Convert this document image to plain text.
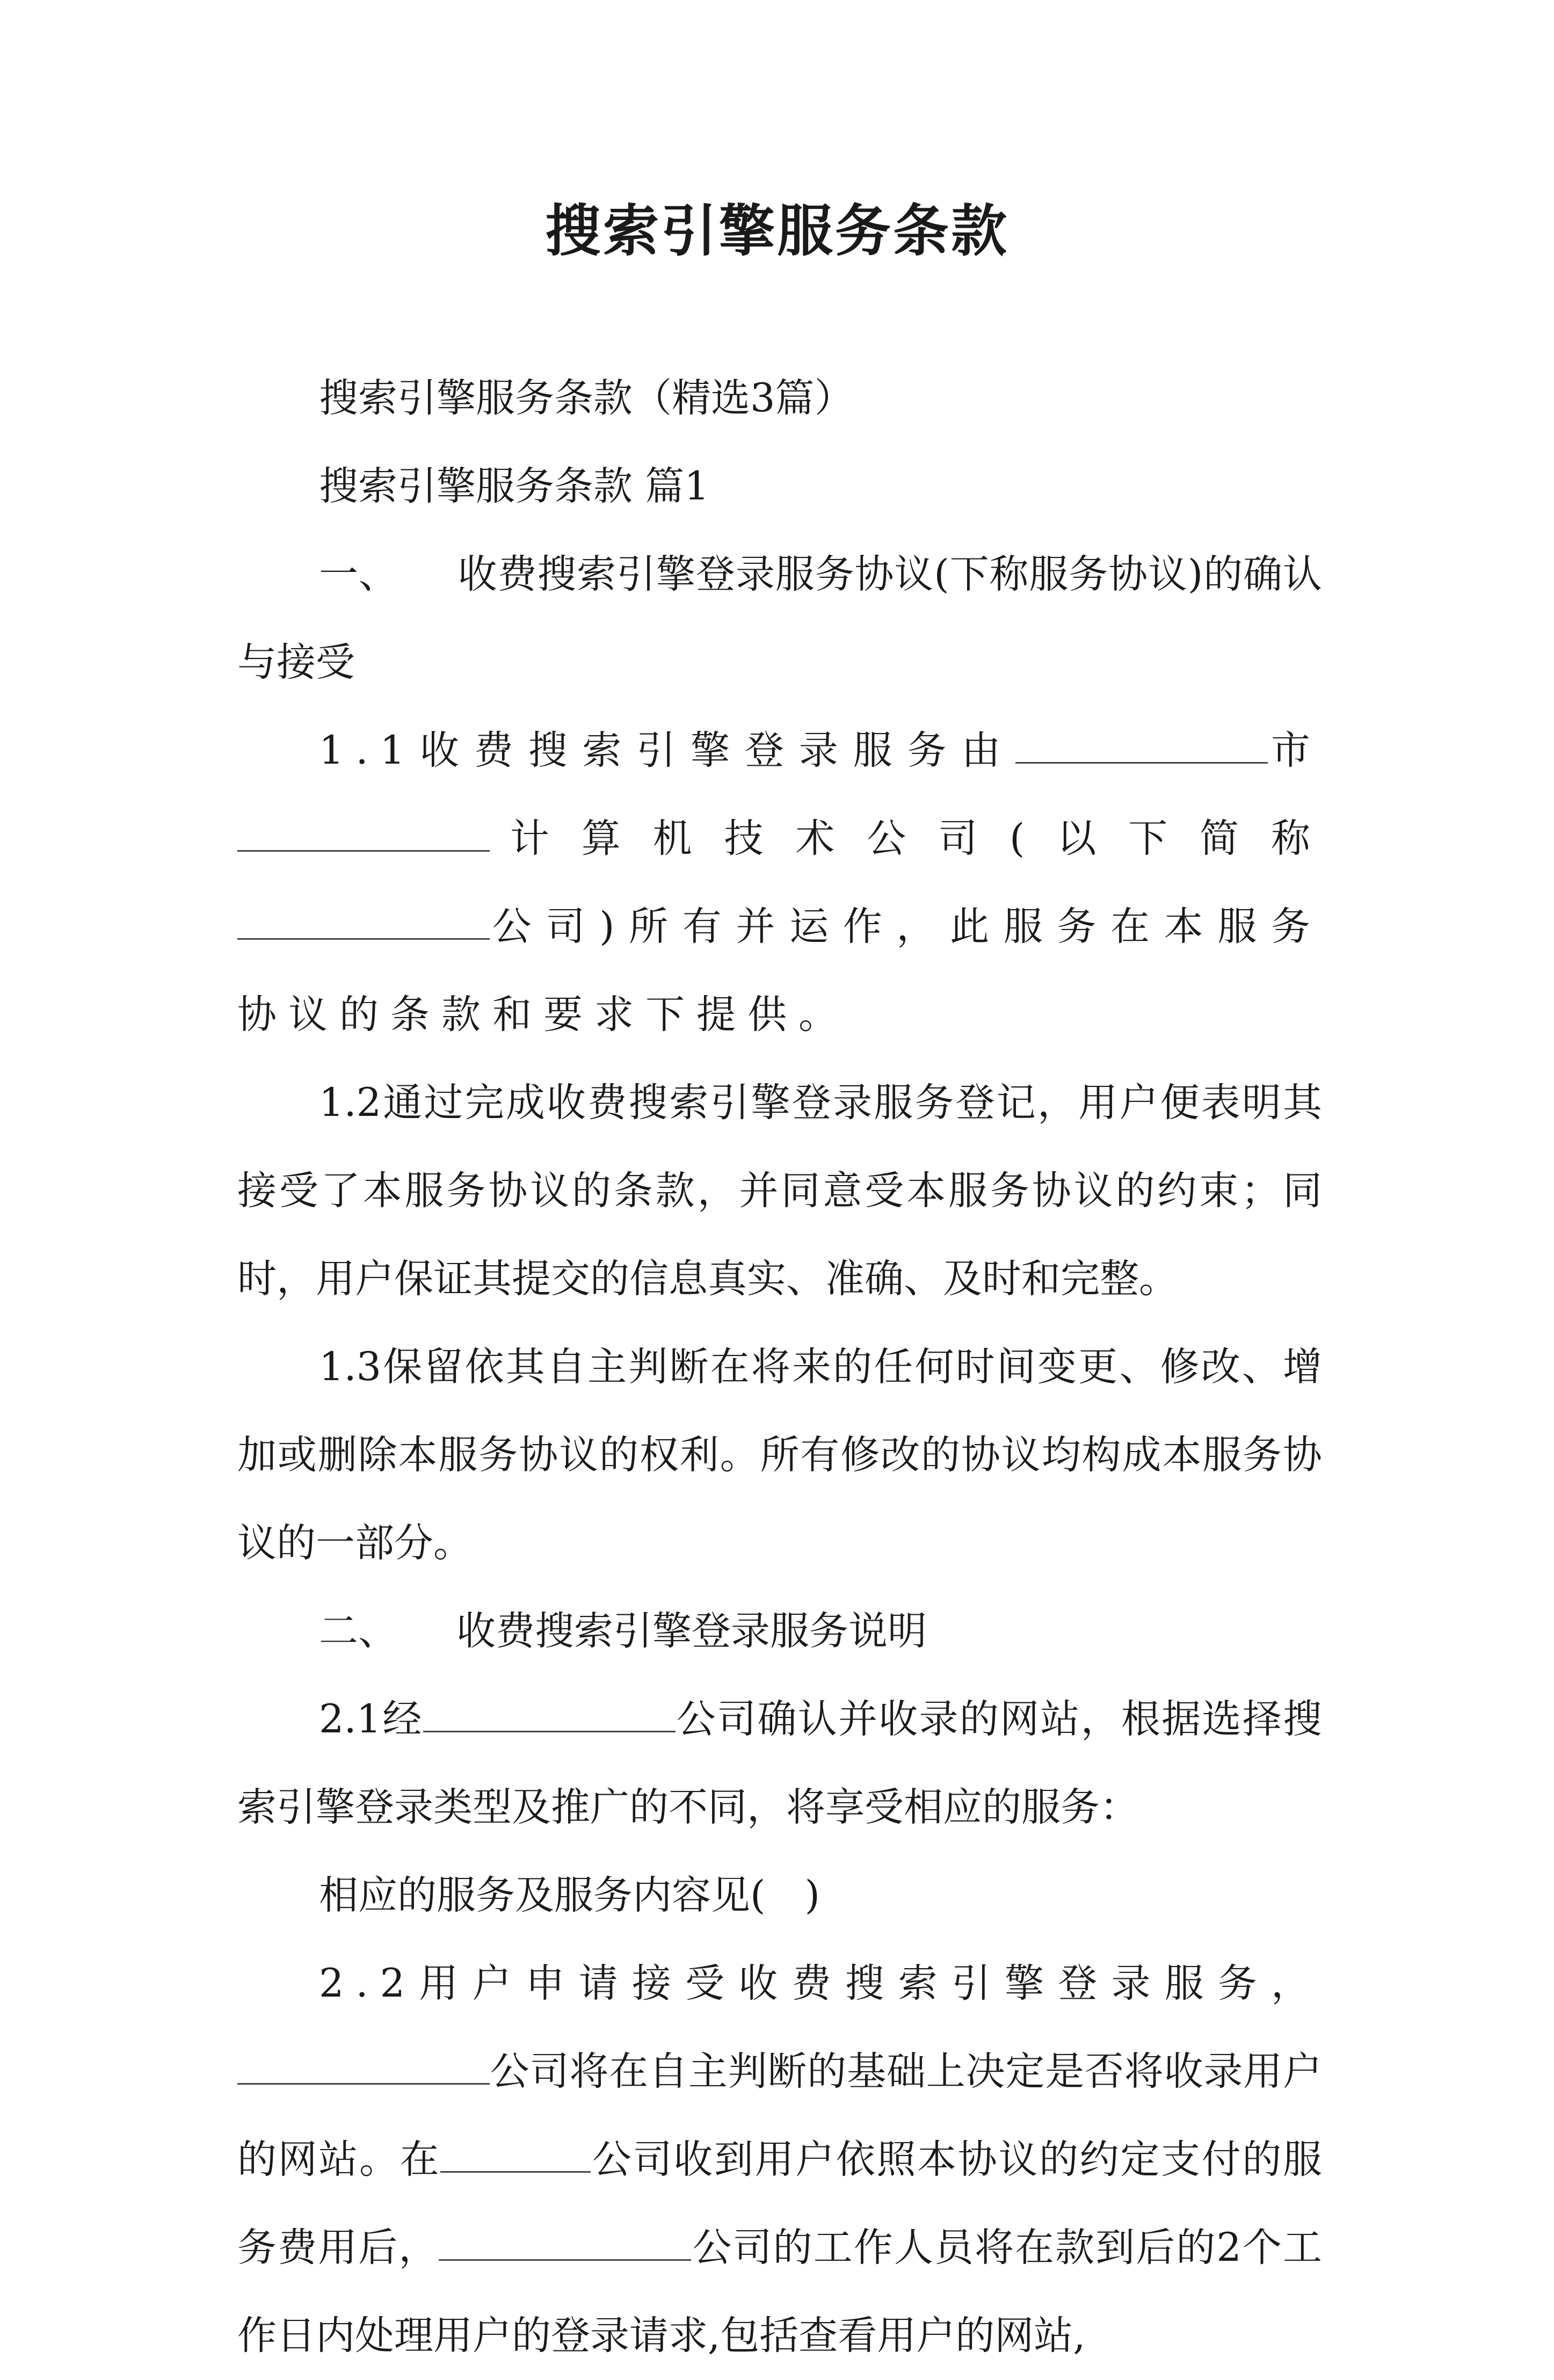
搜索引擎服务条款

搜索引擎服务条款（精选3篇）

搜索引擎服务条款 篇1

一、 收费搜索引擎登录服务协议(下称服务协议)的确认与接受

1.1收费搜索引擎登录服务由	市计算机技术公司(以下简称公司)所有并运作，此服务在本服务协议的条款和要求下提供。

1.2通过完成收费搜索引擎登录服务登记，用户便表明其接受了本服务协议的条款，并同意受本服务协议的约束；同时，用户保证其提交的信息真实、准确、及时和完整。

1.3保留依其自主判断在将来的任何时间变更、修改、增加或删除本服务协议的权利。所有修改的协议均构成本服务协议的一部分。

二、 收费搜索引擎登录服务说明

2.1经	公司确认并收录的网站，根据选择搜索引擎登录类型及推广的不同，将享受相应的服务：

相应的服务及服务内容见(　)

2.2用户申请接受收费搜索引擎登录服务，公司将在自主判断的基础上决定是否将收录用户的网站。在	公司收到用户依照本协议的约定支付的服务费用后，	公司的工作人员将在款到后的2个工作日内处理用户的登录请求,包括查看用户的网站,
